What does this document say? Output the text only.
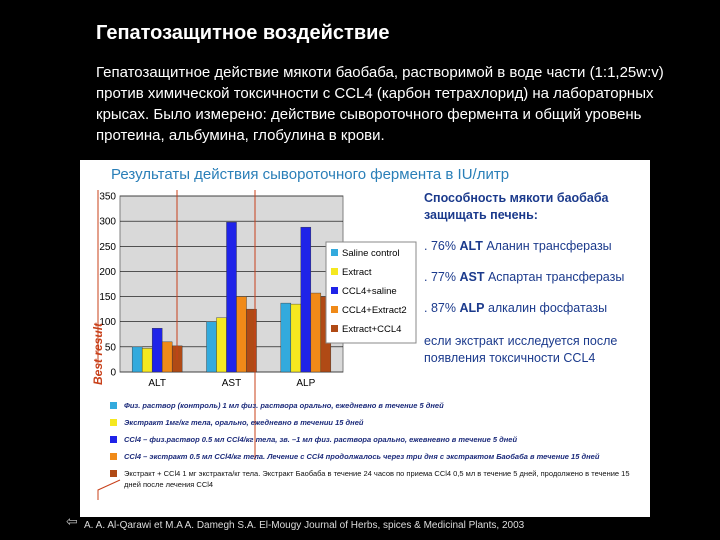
Гепатозащитное воздействие
Гепатозащитное действие мякоти баобаба, растворимой в воде части (1:1,25w:v) против химической токсичности с CCL4 (карбон тетрахлорид) на лабораторных крысах. Было измерено: действие сывороточного фермента и общий уровень протеина, альбумина, глобулина в крови.
Результаты действия сывороточного фермента в IU/литр
0
50
100
150
200
250
300
350
ALT	AST	ALP
Saline control
Extract
CCL4+saline
CCL4+Extract2
Extract+CCL4
Best result
Способность мякоти баобаба защищать печень:
. 76% ALT Аланин трансферазы
. 77% AST Аспартан трансферазы
. 87% ALP алкалин фосфатазы
если экстракт исследуется после появления токсичности CCL4
Физ. раствор (контроль) 1 мл физ. раствора орально, ежедневно в течение 5 дней
Экстракт 1мг/кг тела, орально, ежедневно в течении 15 дней
CCl4 – физ.раствор 0.5 мл CCl4/кг тела, зв. –1 мл физ. раствора орально, ежевневно в течение 5 дней
CCl4 – экстракт 0.5 мл CCl4/кг тела. Лечение с CCl4 продолжалось через три дня с экстрактом Баобаба в течение 15 дней
Экстракт + CCl4 1 мг экстракта/кг тела. Экстракт Баобаба в течение 24 часов по приема CCl4 0,5 мл в течение 5 дней, продолжено в течение 15 дней после лечения CCl4
⇦ A. A. Al-Qarawi et M.A A. Damegh S.A. El-Mougy Journal of Herbs, spices & Medicinal Plants, 2003
